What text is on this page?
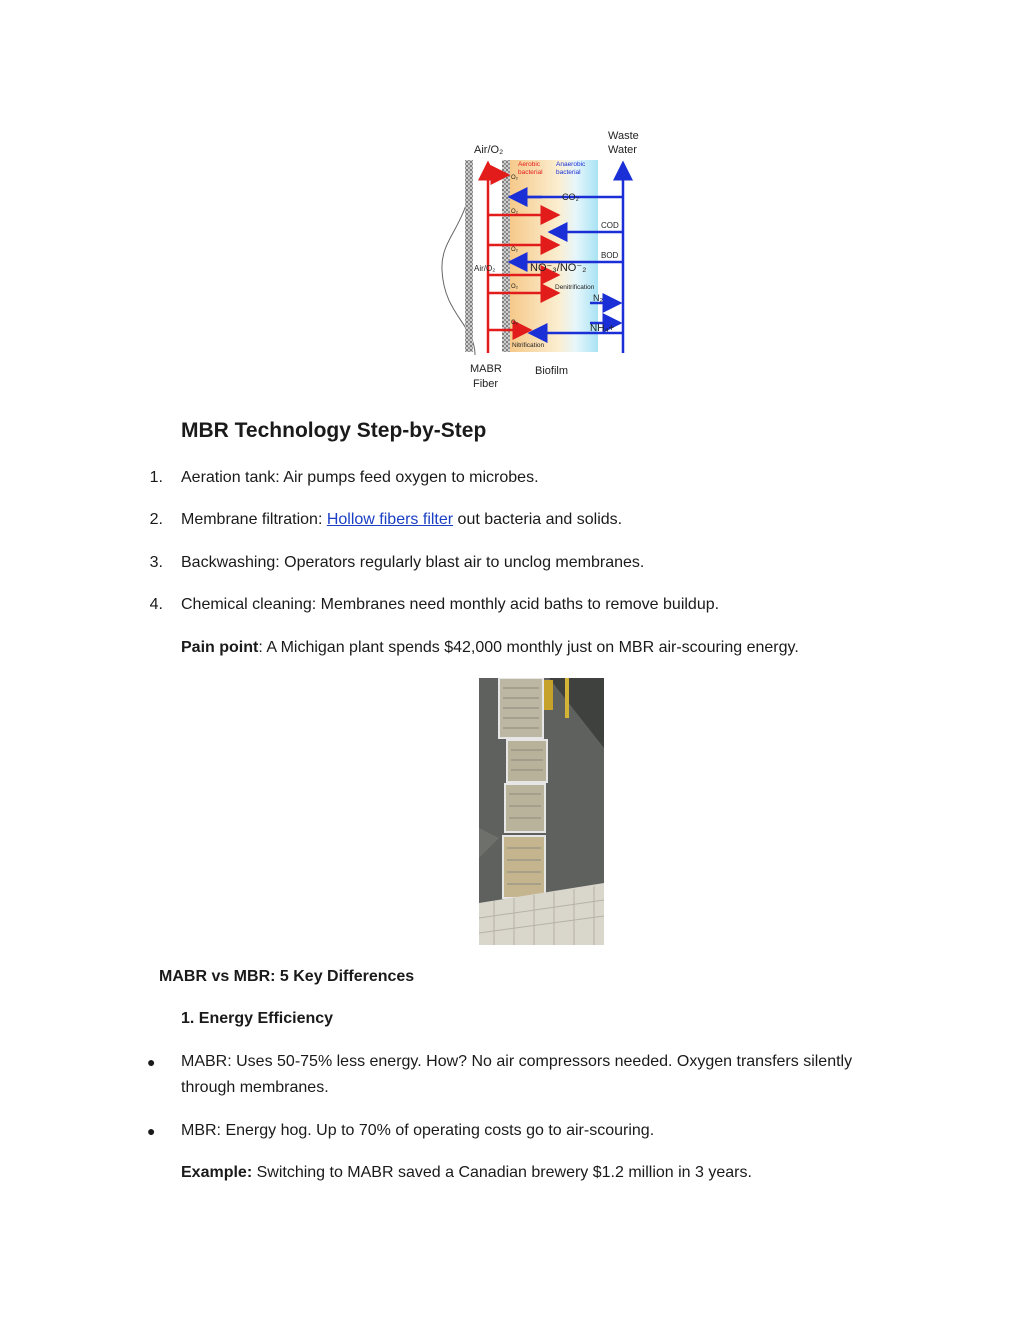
Air/O₂
Waste
Water
Aerobic
bacterial
Anaerobic
bacterial
O₂
O₂
O₂
O₂
O₂
CO₂
COD
BOD
Air/O₂	NO⁻₃/NO⁻₂
Denitrification
N₂
NH₄+
Nitrification
MABR
Fiber
Biofilm
MBR Technology Step-by-Step
1. Aeration tank: Air pumps feed oxygen to microbes.
2. Membrane filtration: Hollow fibers filter out bacteria and solids.
3. Backwashing: Operators regularly blast air to unclog membranes.
4. Chemical cleaning: Membranes need monthly acid baths to remove buildup.
Pain point: A Michigan plant spends $42,000 monthly just on MBR air-scouring energy.
MABR vs MBR: 5 Key Differences
1. Energy Efficiency
● MABR: Uses 50-75% less energy. How? No air compressors needed. Oxygen transfers silently
through membranes.
● MBR: Energy hog. Up to 70% of operating costs go to air-scouring.
Example: Switching to MABR saved a Canadian brewery $1.2 million in 3 years.
